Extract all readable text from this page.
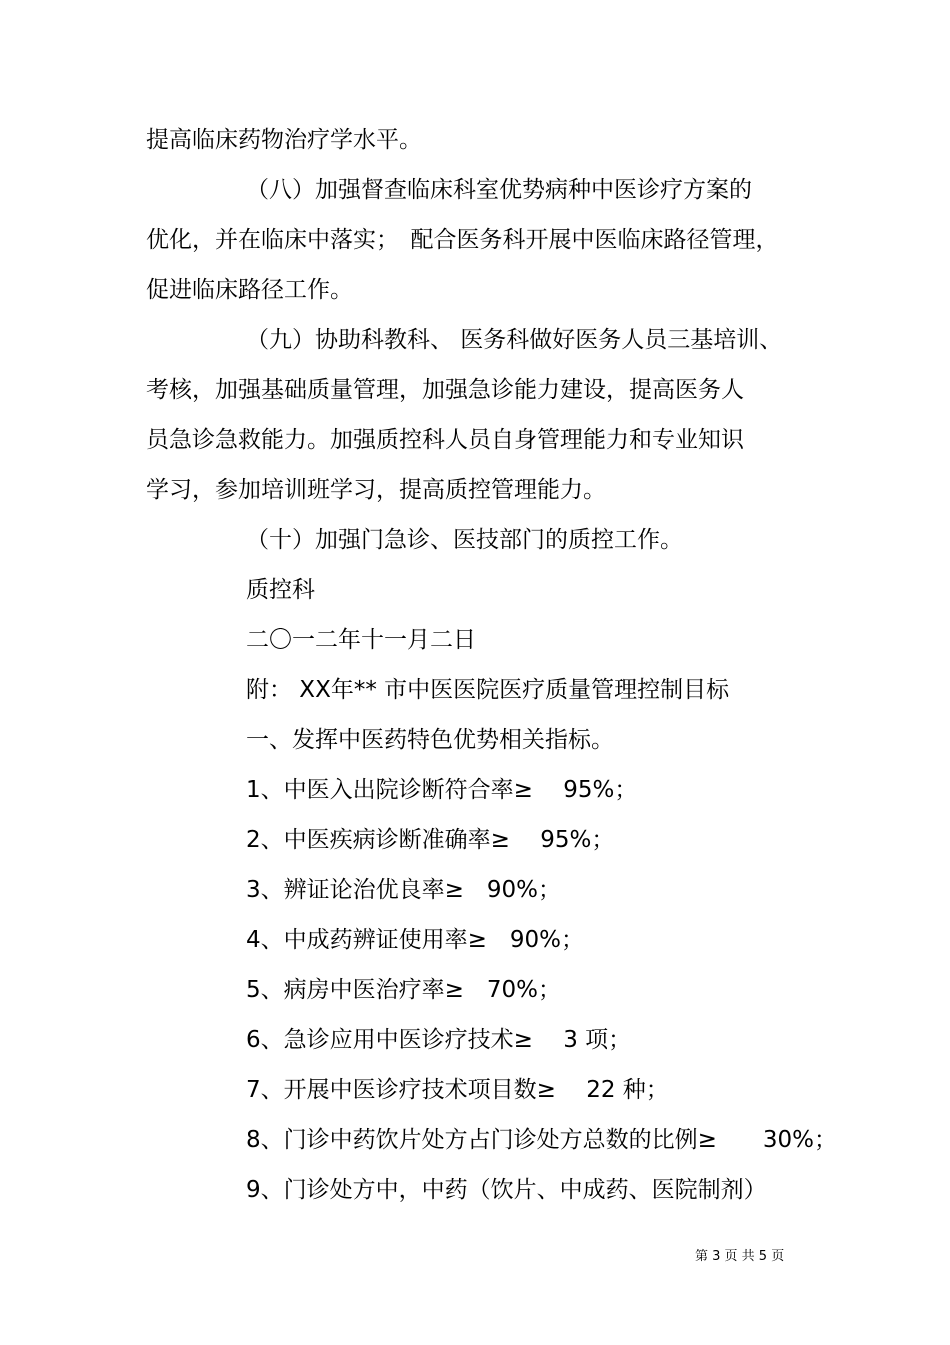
提高临床药物治疗学水平。
（八）加强督查临床科室优势病种中医诊疗方案的
优化，并在临床中落实；　配合医务科开展中医临床路径管理，
促进临床路径工作。
（九）协助科教科、 医务科做好医务人员三基培训、
考核，加强基础质量管理，加强急诊能力建设，提高医务人
员急诊急救能力。加强质控科人员自身管理能力和专业知识
学习，参加培训班学习，提高质控管理能力。
（十）加强门急诊、医技部门的质控工作。
质控科
二〇一二年十一月二日
附： XX年** 市中医医院医疗质量管理控制目标
一、发挥中医药特色优势相关指标。
1、中医入出院诊断符合率≥　 95%；
2、中医疾病诊断准确率≥　 95%；
3、辨证论治优良率≥　90%；
4、中成药辨证使用率≥　90%；
5、病房中医治疗率≥　70%；
6、急诊应用中医诊疗技术≥　 3 项；
7、开展中医诊疗技术项目数≥　 22 种；
8、门诊中药饮片处方占门诊处方总数的比例≥　　30%；
9、门诊处方中，中药（饮片、中成药、医院制剂）
第 3 页 共 5 页
